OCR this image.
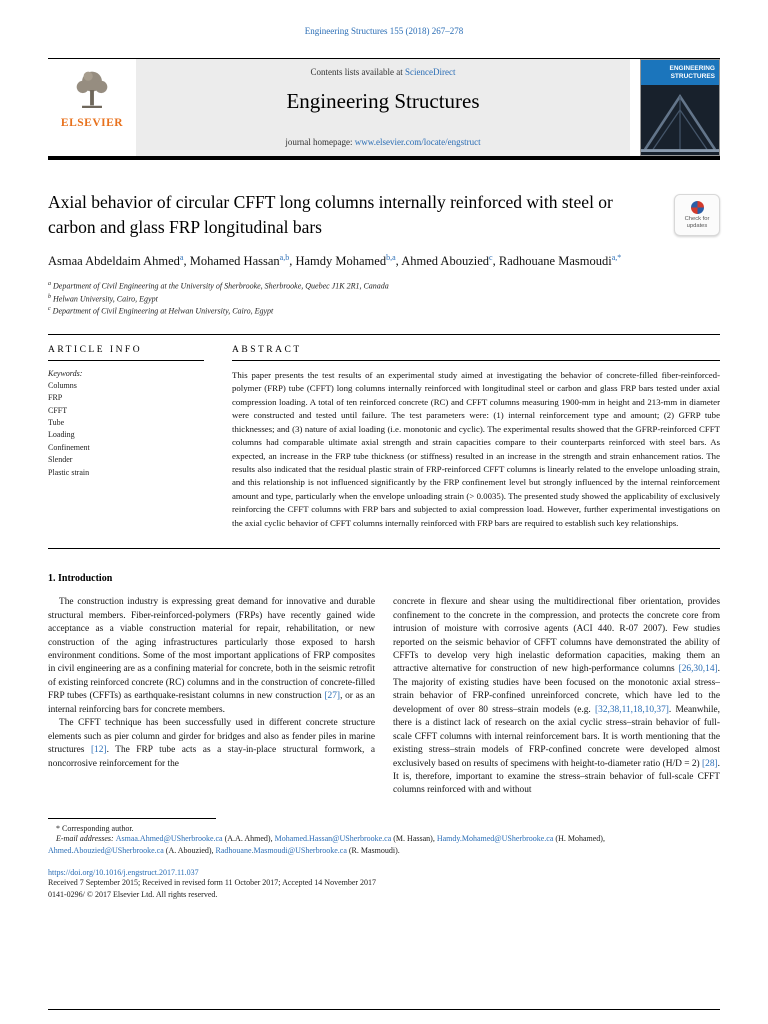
Engineering Structures 155 (2018) 267–278
ELSEVIER
Contents lists available at ScienceDirect
Engineering Structures
journal homepage: www.elsevier.com/locate/engstruct
ENGINEERING
STRUCTURES
Axial behavior of circular CFFT long columns internally reinforced with steel or carbon and glass FRP longitudinal bars	Check for updates
Asmaa Abdeldaim Ahmed$^a$, Mohamed Hassan$^{a,b}$, Hamdy Mohamed$^{b,a}$, Ahmed Abouzied$^c$, Radhouane Masmoudi$^{a,*}$
$^a$ Department of Civil Engineering at the University of Sherbrooke, Sherbrooke, Quebec J1K 2R1, Canada
$^b$ Helwan University, Cairo, Egypt
$^c$ Department of Civil Engineering at Helwan University, Cairo, Egypt
ARTICLE INFO
Keywords:
Columns
FRP
CFFT
Tube
Loading
Confinement
Slender
Plastic strain
ABSTRACT

This paper presents the test results of an experimental study aimed at investigating the behavior of concrete-filled fiber-reinforced-polymer (FRP) tube (CFFT) long columns internally reinforced with longitudinal steel or carbon and glass FRP bars tested under axial compression loading. A total of ten reinforced concrete (RC) and CFFT columns measuring 1900-mm in height and 213-mm in diameter were constructed and tested until failure. The test parameters were: (1) internal reinforcement type and amount; (2) GFRP tube thicknesses; and (3) nature of axial loading (i.e. monotonic and cyclic). The experimental results showed that the GFRP-reinforced CFFT columns had comparable ultimate axial strength and strain capacities compare to their counterparts reinforced with steel bars. As expected, an increase in the FRP tube thickness (or stiffness) resulted in an increase in the strength and strain enhancement ratios. The results also indicated that the residual plastic strain of FRP-reinforced CFFT columns is linearly related to the envelope unloading strain, and this relationship is not influenced significantly by the FRP confinement level but strongly influenced by the internal reinforcement amount and type, particularly when the envelope unloading strain (> 0.0035). The presented study showed the applicability of exclusively reinforcing the CFFT columns with FRP bars and subjected to axial compression load. However, further experimental investigations on the axial cyclic behavior of CFFT columns internally reinforced with FRP bars are required to establish such key relationships.

1. Introduction

The construction industry is expressing great demand for innovative and durable structural members. Fiber-reinforced-polymers (FRPs) have recently gained wide acceptance as a viable construction material for repair, rehabilitation, or new construction of the aging infrastructures particularly those exposed to harsh environment conditions. Some of the most important applications of FRP composites in civil engineering are as a confining material for concrete, both in the seismic retrofit of existing reinforced concrete (RC) columns and in the construction of concrete-filled FRP tubes (CFFTs) as earthquake-resistant columns in new construction [27], or as an internal reinforcing bars for concrete members.

The CFFT technique has been successfully used in different concrete structure elements such as pier column and girder for bridges and also as fender piles in marine structures [12]. The FRP tube acts as a stay-in-place structural formwork, a noncorrosive reinforcement for the

concrete in flexure and shear using the multidirectional fiber orientation, provides confinement to the concrete in the compression, and protects the concrete core from intrusion of moisture with corrosive agents (ACI 440. R-07 2007). Few studies reported on the seismic behavior of CFFT columns have demonstrated the ability of CFFTs to develop very high inelastic deformation capacities, making them an attractive alternative for construction of new high-performance columns [26,30,14]. The majority of existing studies have been focused on the monotonic axial stress–strain behavior of FRP-confined unreinforced concrete, which have led to the development of over 80 stress–strain models (e.g. [32,38,11,18,10,37]. Meanwhile, there is a distinct lack of research on the axial cyclic stress–strain behavior of full-scale CFFT columns with internal reinforcement bars. It is worth mentioning that the existing stress–strain models of FRP-confined concrete were developed almost exclusively based on results of specimens with height-to-diameter ratio (H/D = 2) [28]. It is, therefore, important to examine the stress–strain behavior of full-scale CFFT columns reinforced with and without

* Corresponding author.
E-mail addresses: Asmaa.Ahmed@USherbrooke.ca (A.A. Ahmed), Mohamed.Hassan@USherbrooke.ca (M. Hassan), Hamdy.Mohamed@USherbrooke.ca (H. Mohamed), Ahmed.Abouzied@USherbrooke.ca (A. Abouzied), Radhouane.Masmoudi@USherbrooke.ca (R. Masmoudi).
https://doi.org/10.1016/j.engstruct.2017.11.037
Received 7 September 2015; Received in revised form 11 October 2017; Accepted 14 November 2017
0141-0296/ © 2017 Elsevier Ltd. All rights reserved.
